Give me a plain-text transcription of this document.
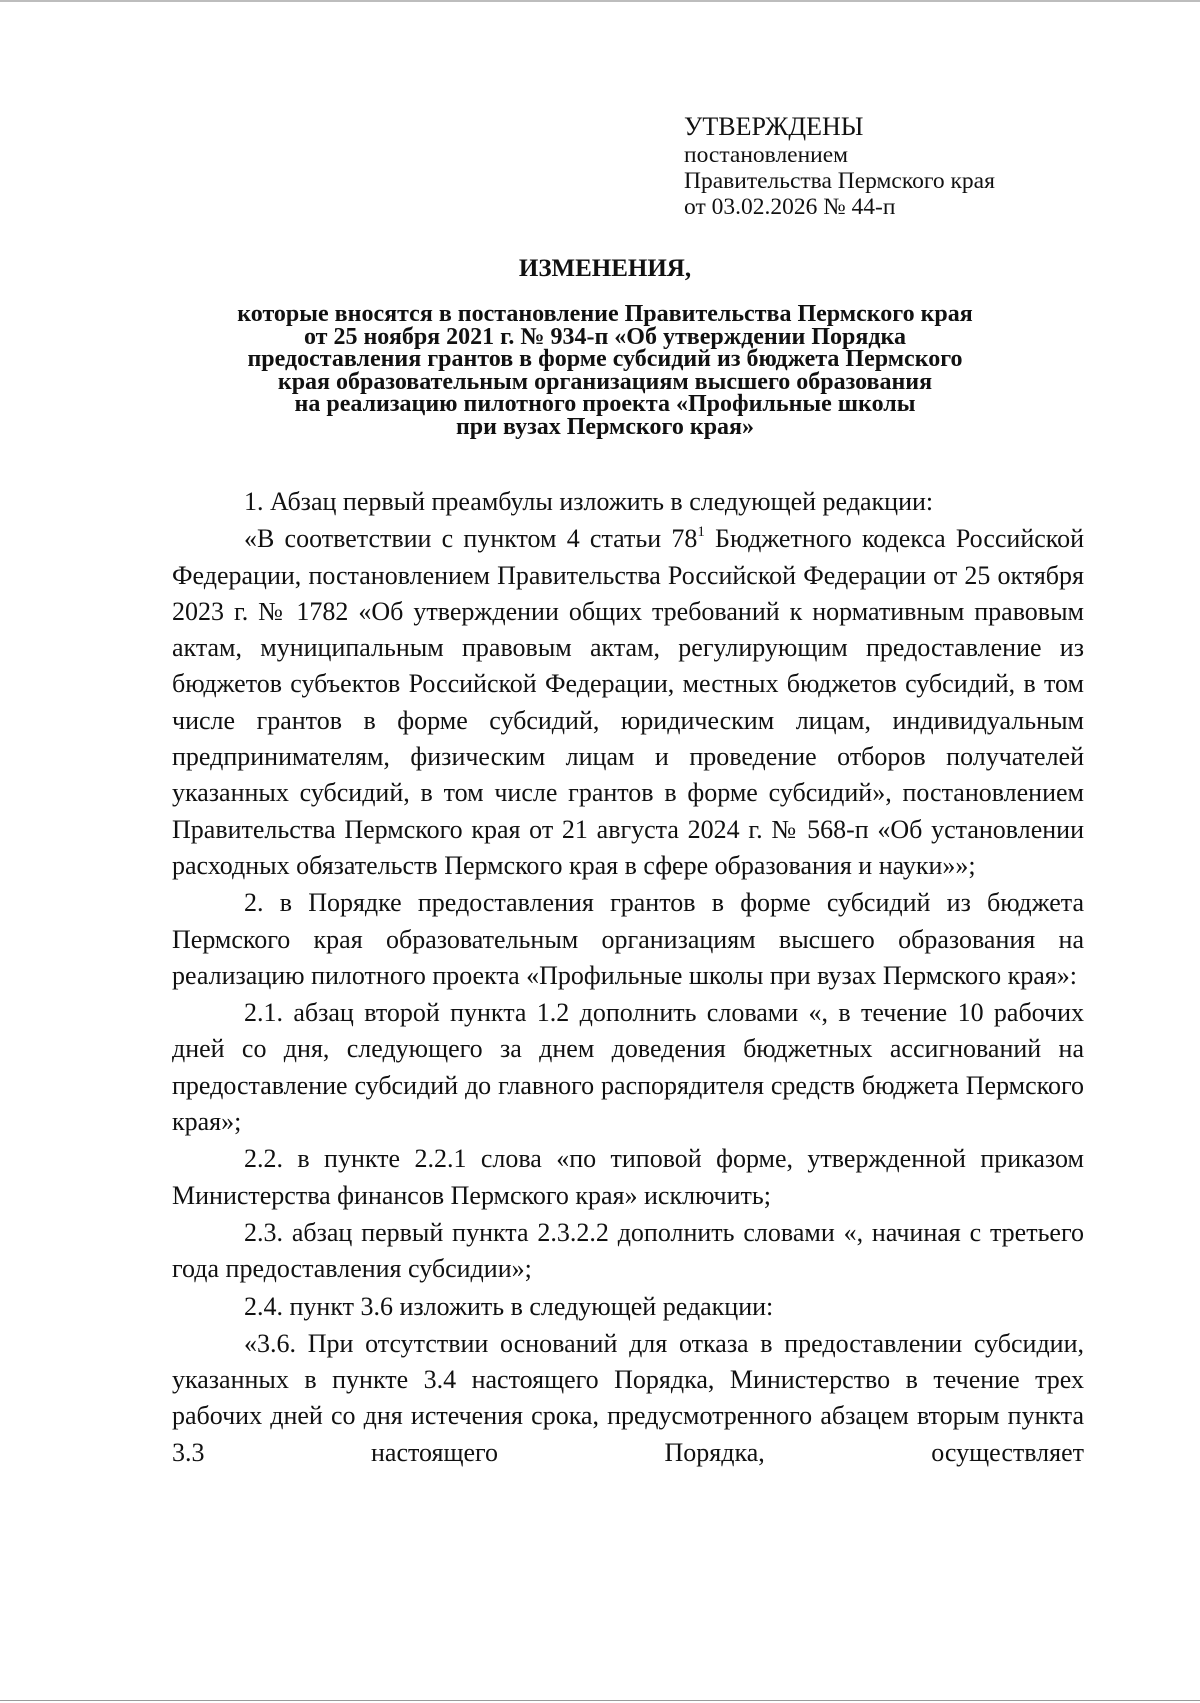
УТВЕРЖДЕНЫ
постановлением
Правительства Пермского края
от 03.02.2026 № 44-п
ИЗМЕНЕНИЯ,
которые вносятся в постановление Правительства Пермского края
от 25 ноября 2021 г. № 934-п «Об утверждении Порядка
предоставления грантов в форме субсидий из бюджета Пермского
края образовательным организациям высшего образования
на реализацию пилотного проекта «Профильные школы
при вузах Пермского края»

1. Абзац первый преамбулы изложить в следующей редакции:

«В соответствии с пунктом 4 статьи $78^1$ Бюджетного кодекса Российской Федерации, постановлением Правительства Российской Федерации от 25 октября 2023 г. № 1782 «Об утверждении общих требований к нормативным правовым актам, муниципальным правовым актам, регулирующим предоставление из бюджетов субъектов Российской Федерации, местных бюджетов субсидий, в том числе грантов в форме субсидий, юридическим лицам, индивидуальным предпринимателям, физическим лицам и проведение отборов получателей указанных субсидий, в том числе грантов в форме субсидий», постановлением Правительства Пермского края от 21 августа 2024 г. № 568-п «Об установлении расходных обязательств Пермского края в сфере образования и науки»»;

2. в Порядке предоставления грантов в форме субсидий из бюджета Пермского края образовательным организациям высшего образования на реализацию пилотного проекта «Профильные школы при вузах Пермского края»:

2.1. абзац второй пункта 1.2 дополнить словами «, в течение 10 рабочих дней со дня, следующего за днем доведения бюджетных ассигнований на предоставление субсидий до главного распорядителя средств бюджета Пермского края»;

2.2. в пункте 2.2.1 слова «по типовой форме, утвержденной приказом Министерства финансов Пермского края» исключить;

2.3. абзац первый пункта 2.3.2.2 дополнить словами «, начиная с третьего года предоставления субсидии»;

2.4. пункт 3.6 изложить в следующей редакции:

«3.6. При отсутствии оснований для отказа в предоставлении субсидии, указанных в пункте 3.4 настоящего Порядка, Министерство в течение трех рабочих дней со дня истечения срока, предусмотренного абзацем вторым пункта 3.3 настоящего Порядка, осуществляет
